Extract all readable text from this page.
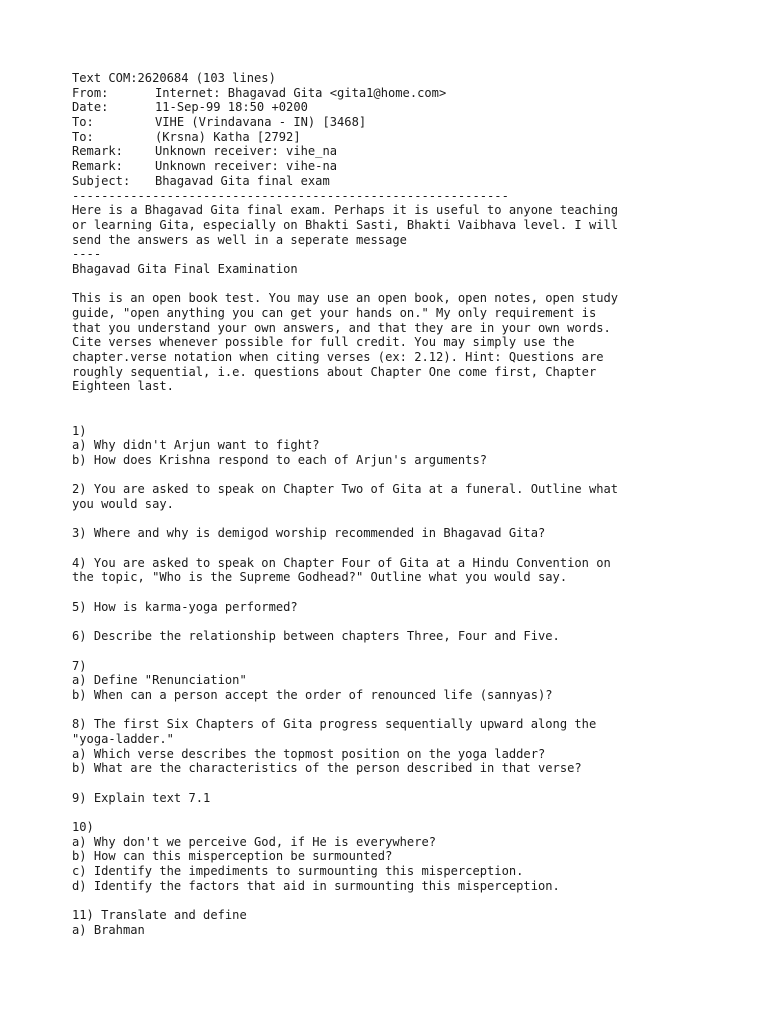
Text COM:2620684 (103 lines)
From:	Internet: Bhagavad Gita <gita1@home.com>
Date:	11-Sep-99 18:50 +0200
To:	VIHE (Vrindavana - IN) [3468]
To:	(Krsna) Katha [2792]
Remark:	Unknown receiver: vihe_na
Remark:	Unknown receiver: vihe-na
Subject: Bhagavad Gita final exam
------------------------------------------------------------
Here is a Bhagavad Gita final exam. Perhaps it is useful to anyone teaching
or learning Gita, especially on Bhakti Sasti, Bhakti Vaibhava level. I will
send the answers as well in a seperate message
----
Bhagavad Gita Final Examination
This is an open book test. You may use an open book, open notes, open study
guide, "open anything you can get your hands on." My only requirement is
that you understand your own answers, and that they are in your own words.
Cite verses whenever possible for full credit. You may simply use the
chapter.verse notation when citing verses (ex: 2.12). Hint: Questions are
roughly sequential, i.e. questions about Chapter One come first, Chapter
Eighteen last.
1)
a) Why didn't Arjun want to fight?
b) How does Krishna respond to each of Arjun's arguments?
2) You are asked to speak on Chapter Two of Gita at a funeral. Outline what
you would say.
3) Where and why is demigod worship recommended in Bhagavad Gita?
4) You are asked to speak on Chapter Four of Gita at a Hindu Convention on
the topic, "Who is the Supreme Godhead?" Outline what you would say.
5) How is karma-yoga performed?
6) Describe the relationship between chapters Three, Four and Five.
7)
a) Define "Renunciation"
b) When can a person accept the order of renounced life (sannyas)?
8) The first Six Chapters of Gita progress sequentially upward along the
"yoga-ladder."
a) Which verse describes the topmost position on the yoga ladder?
b) What are the characteristics of the person described in that verse?
9) Explain text 7.1
10)
a) Why don't we perceive God, if He is everywhere?
b) How can this misperception be surmounted?
c) Identify the impediments to surmounting this misperception.
d) Identify the factors that aid in surmounting this misperception.
11) Translate and define
a) Brahman
